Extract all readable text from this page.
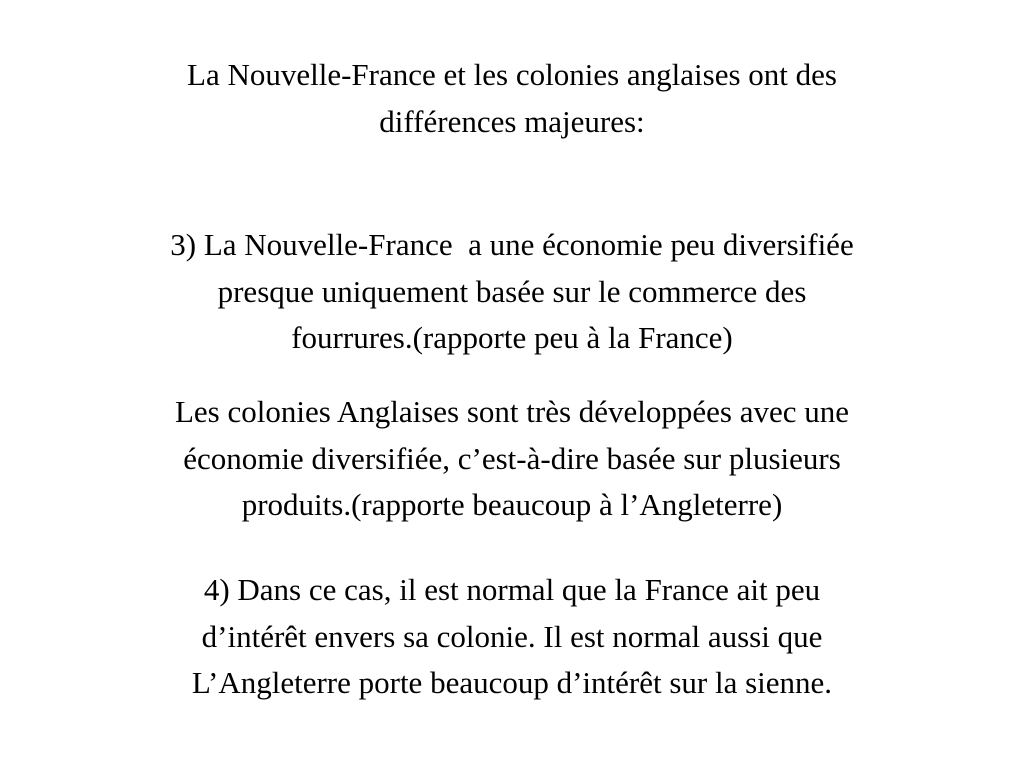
La Nouvelle-France et les colonies anglaises ont des
différences majeures:
3) La Nouvelle-France  a une économie peu diversifiée
presque uniquement basée sur le commerce des
fourrures.(rapporte peu à la France)
Les colonies Anglaises sont très développées avec une
économie diversifiée, c’est-à-dire basée sur plusieurs
produits.(rapporte beaucoup à l’Angleterre)
4) Dans ce cas, il est normal que la France ait peu
d’intérêt envers sa colonie. Il est normal aussi que
L’Angleterre porte beaucoup d’intérêt sur la sienne.
